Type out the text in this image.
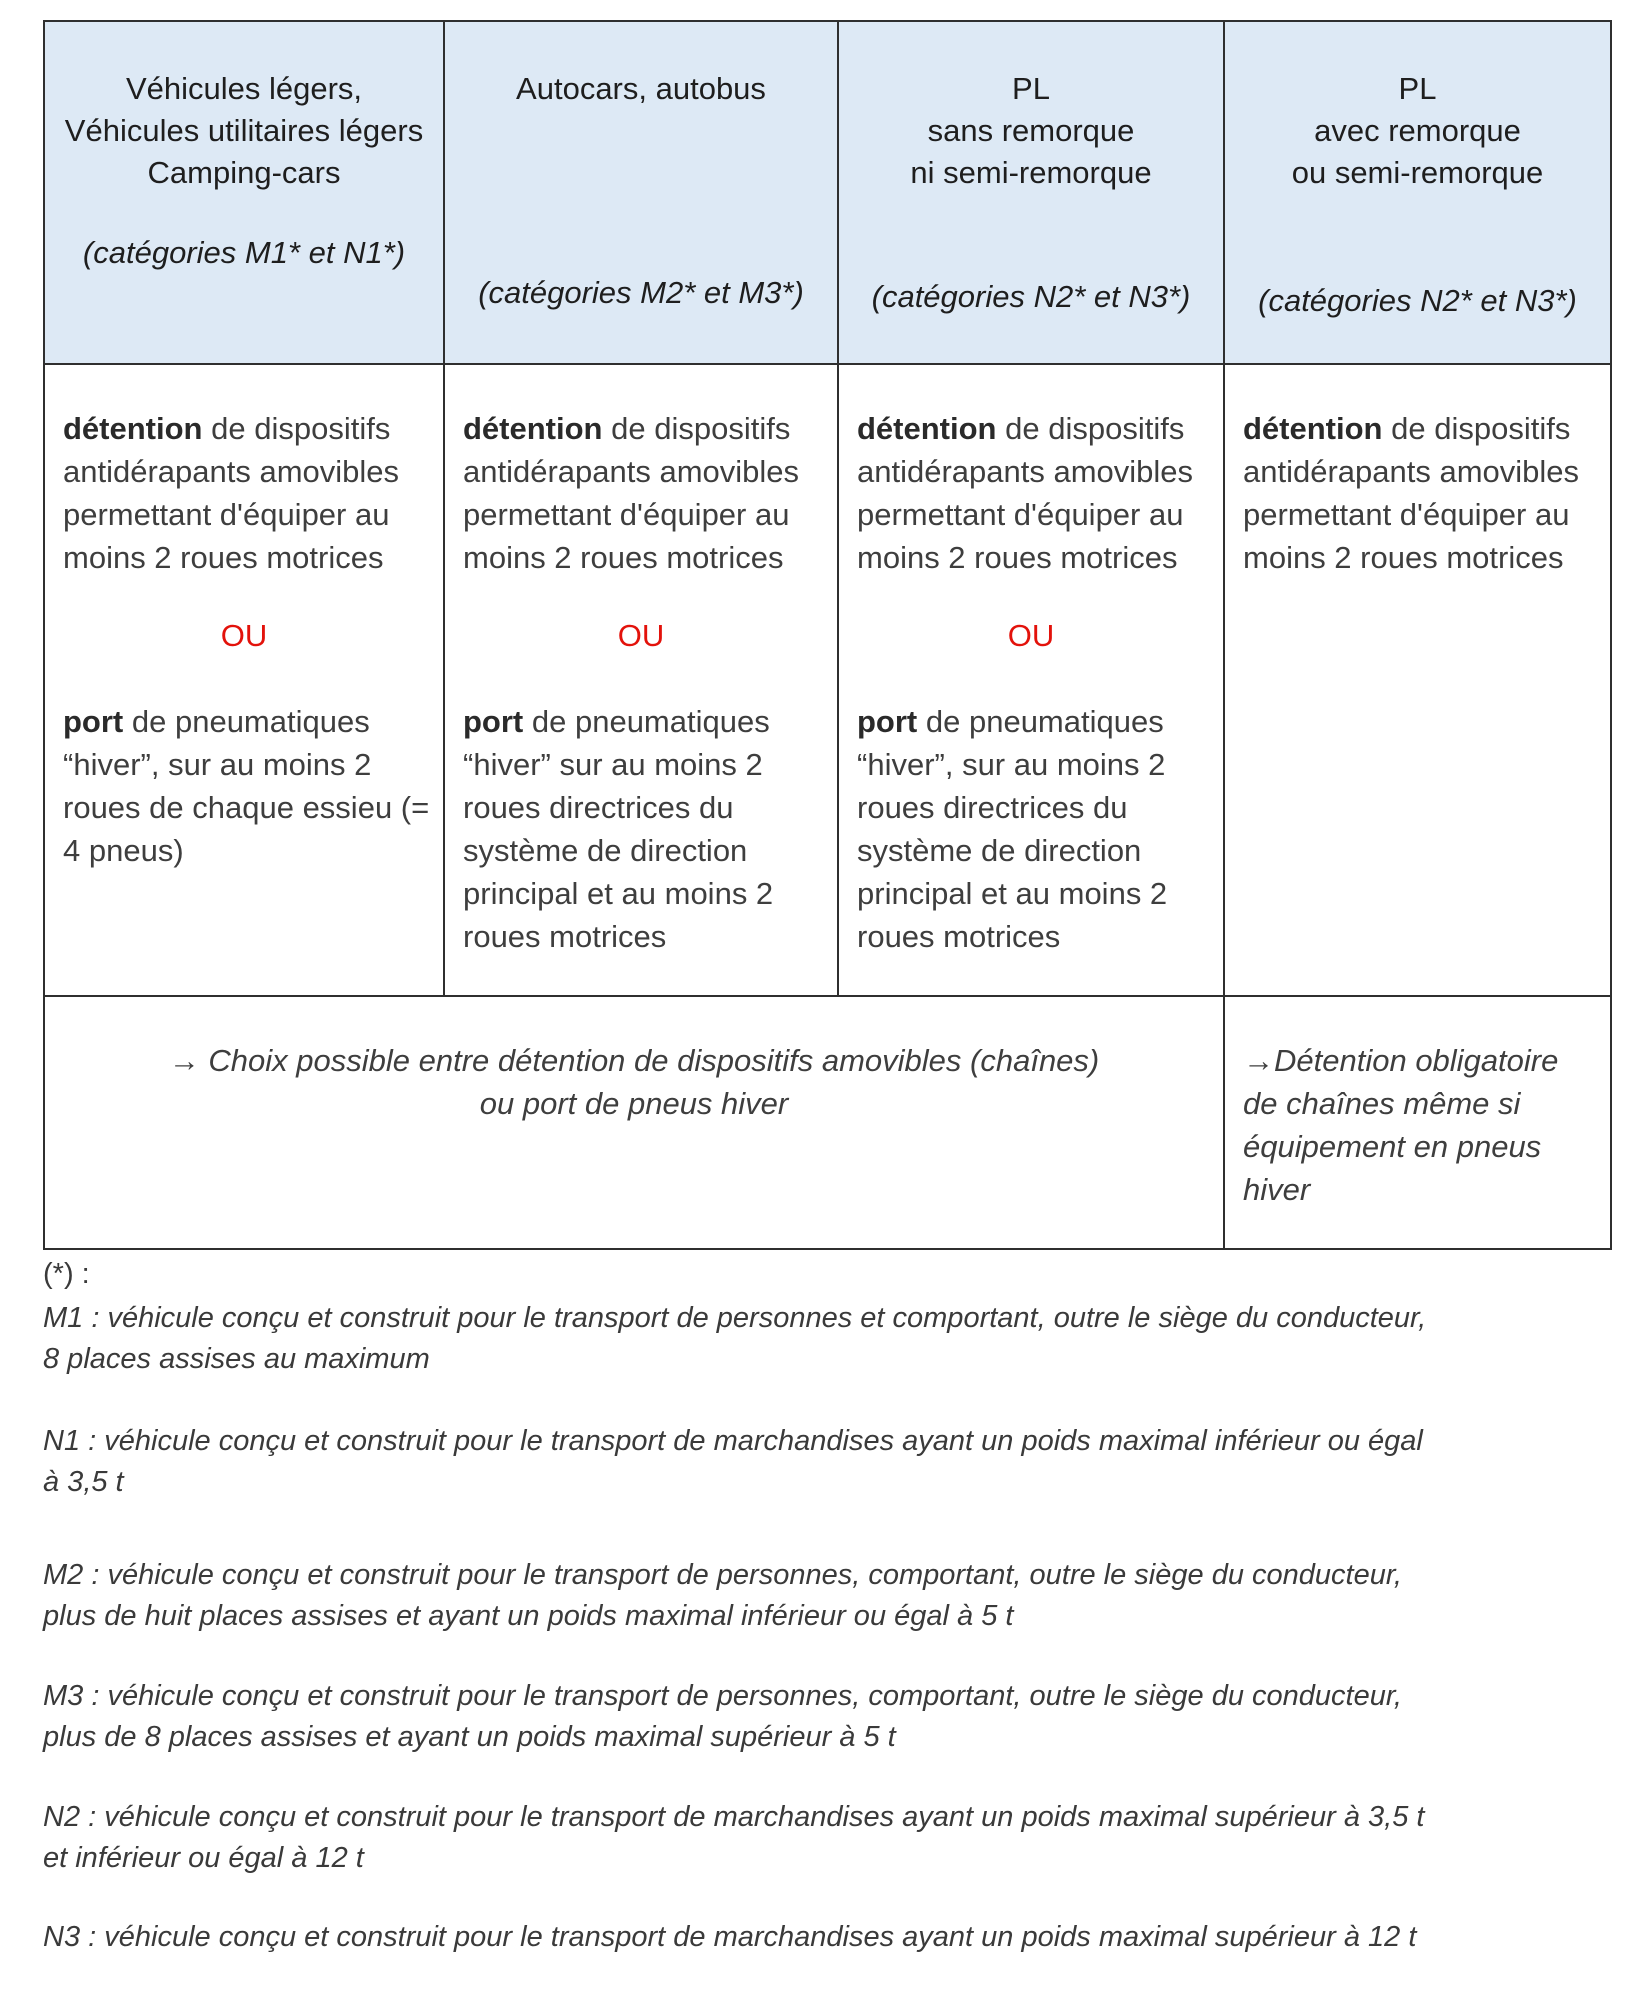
Véhicules légers,
Véhicules utilitaires légers
Camping-cars
(catégories M1* et N1*)
Autocars, autobus
(catégories M2* et M3*)
PL
sans remorque
ni semi-remorque
(catégories N2* et N3*)
PL
avec remorque
ou semi-remorque
(catégories N2* et N3*)
détention de dispositifs antidérapants amovibles permettant d'équiper au moins 2 roues motrices
OU
port de pneumatiques “hiver”, sur au moins 2 roues de chaque essieu (= 4 pneus)
détention de dispositifs antidérapants amovibles permettant d'équiper au moins 2 roues motrices
OU
port de pneumatiques “hiver” sur au moins 2 roues directrices du système de direction principal et au moins 2 roues motrices
détention de dispositifs antidérapants amovibles permettant d'équiper au moins 2 roues motrices
OU
port de pneumatiques “hiver”, sur au moins 2 roues directrices du système de direction principal et au moins 2 roues motrices
détention de dispositifs antidérapants amovibles permettant d'équiper au moins 2 roues motrices
→ Choix possible entre détention de dispositifs amovibles (chaînes)
ou port de pneus hiver
→Détention obligatoire de chaînes même si équipement en pneus hiver
(*) :
M1 : véhicule conçu et construit pour le transport de personnes et comportant, outre le siège du conducteur,
8 places assises au maximum
N1 : véhicule conçu et construit pour le transport de marchandises ayant un poids maximal inférieur ou égal
à 3,5 t
M2 : véhicule conçu et construit pour le transport de personnes, comportant, outre le siège du conducteur,
plus de huit places assises et ayant un poids maximal inférieur ou égal à 5 t
M3 : véhicule conçu et construit pour le transport de personnes, comportant, outre le siège du conducteur,
plus de 8 places assises et ayant un poids maximal supérieur à 5 t
N2 : véhicule conçu et construit pour le transport de marchandises ayant un poids maximal supérieur à 3,5 t
et inférieur ou égal à 12 t
N3 : véhicule conçu et construit pour le transport de marchandises ayant un poids maximal supérieur à 12 t
